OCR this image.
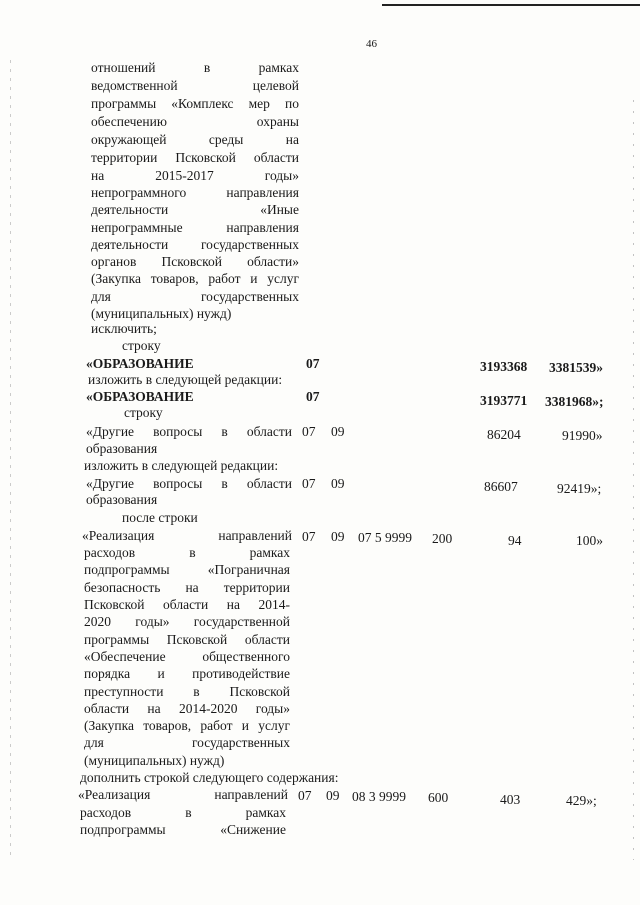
46
отношений в рамках
ведомственной целевой
программы «Комплекс мер по
обеспечению охраны
окружающей среды на
территории Псковской области
на 2015-2017 годы»
непрограммного направления
деятельности «Иные
непрограммные направления
деятельности государственных
органов Псковской области»
(Закупка товаров, работ и услуг
для государственных
(муниципальных) нужд)
исключить;
строку
«ОБРАЗОВАНИЕ	07	3193368 3381539»
изложить в следующей редакции:
«ОБРАЗОВАНИЕ	07	3193771 3381968»;
строку
«Другие вопросы в области 07 09	86204	91990»
образования
изложить в следующей редакции:
«Другие вопросы в области 07 09	86607	92419»;
образования
после строки
«Реализация направлений 07 09 07 5 9999 200	94	100»
расходов в рамках
подпрограммы «Пограничная
безопасность на территории
Псковской области на 2014-
2020 годы» государственной
программы Псковской области
«Обеспечение общественного
порядка и противодействие
преступности в Псковской
области на 2014-2020 годы»
(Закупка товаров, работ и услуг
для государственных
(муниципальных) нужд)
дополнить строкой следующего содержания:
«Реализация направлений 07 09 08 3 9999 600	403	429»;
расходов в рамках
подпрограммы «Снижение
